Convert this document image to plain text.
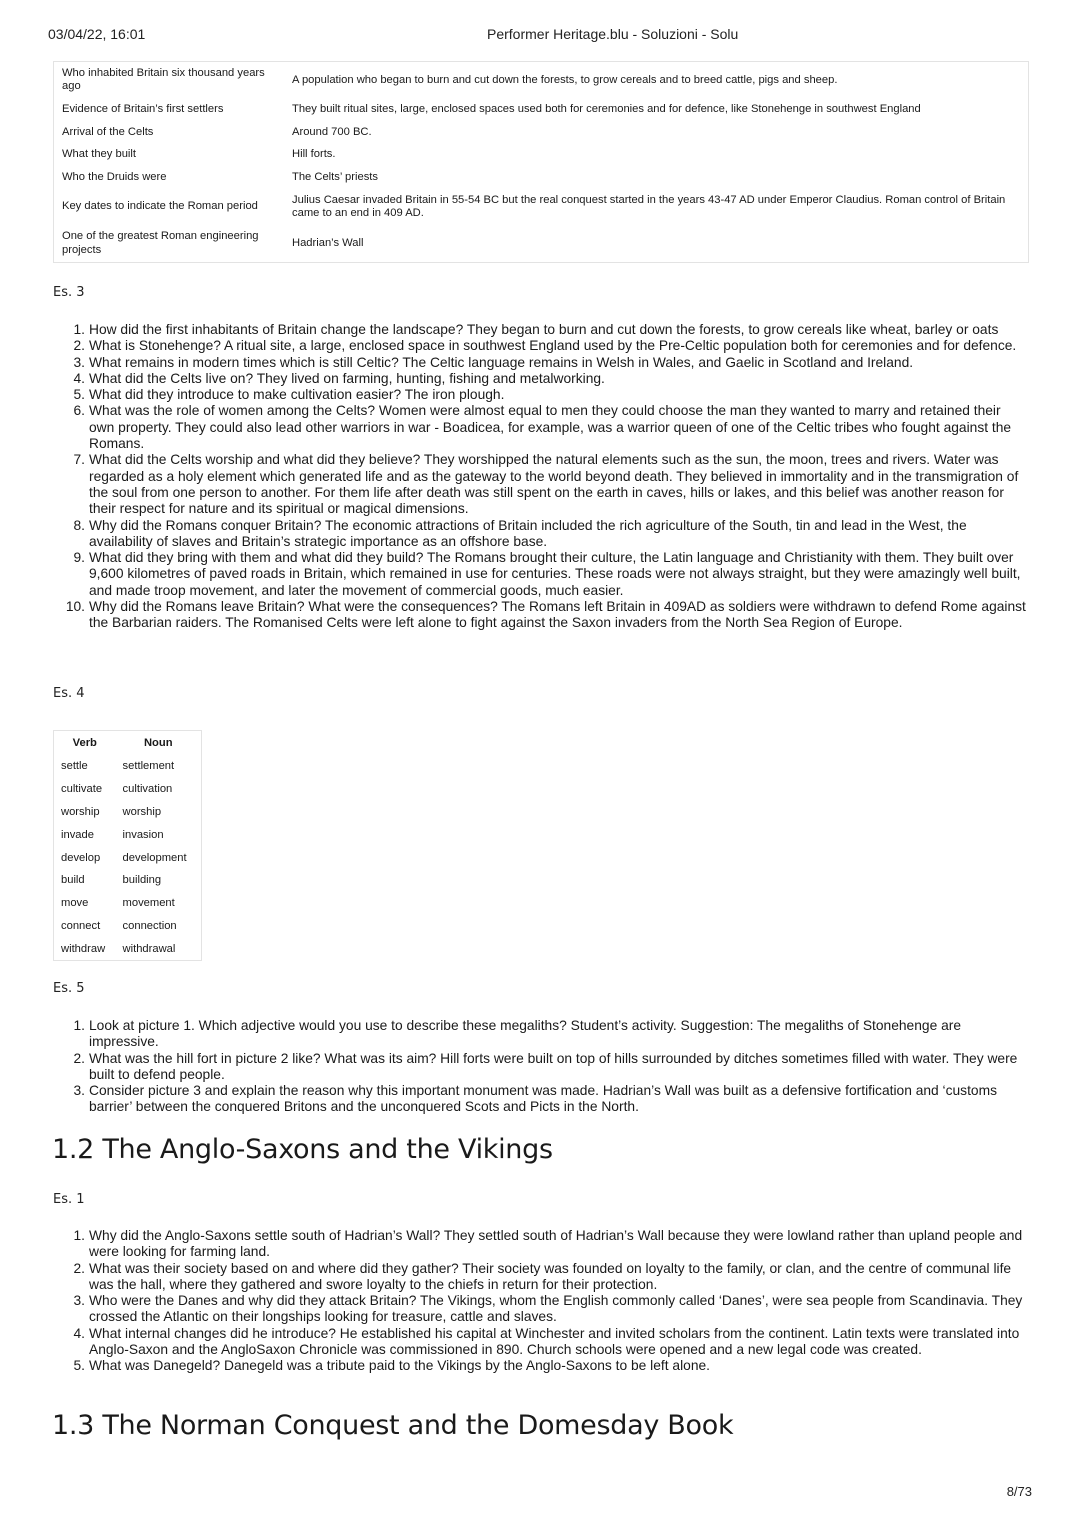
03/04/22, 16:01	Performer Heritage.blu - Soluzioni - Solu
Who inhabited Britain six thousand years ago	A population who began to burn and cut down the forests, to grow cereals and to breed cattle, pigs and sheep.
Evidence of Britain’s first settlers	They built ritual sites, large, enclosed spaces used both for ceremonies and for defence, like Stonehenge in southwest England
Arrival of the Celts	Around 700 BC.
What they built	Hill forts.
Who the Druids were	The Celts’ priests
Key dates to indicate the Roman period	Julius Caesar invaded Britain in 55-54 BC but the real conquest started in the years 43-47 AD under Emperor Claudius. Roman control of Britain came to an end in 409 AD.
One of the greatest Roman engineering projects	Hadrian’s Wall
Es. 3
1. How did the first inhabitants of Britain change the landscape? They began to burn and cut down the forests, to grow cereals like wheat, barley or oats
2. What is Stonehenge? A ritual site, a large, enclosed space in southwest England used by the Pre-Celtic population both for ceremonies and for defence.
3. What remains in modern times which is still Celtic? The Celtic language remains in Welsh in Wales, and Gaelic in Scotland and Ireland.
4. What did the Celts live on? They lived on farming, hunting, fishing and metalworking.
5. What did they introduce to make cultivation easier? The iron plough.
6. What was the role of women among the Celts? Women were almost equal to men they could choose the man they wanted to marry and retained their own property. They could also lead other warriors in war - Boadicea, for example, was a warrior queen of one of the Celtic tribes who fought against the Romans.
7. What did the Celts worship and what did they believe? They worshipped the natural elements such as the sun, the moon, trees and rivers. Water was regarded as a holy element which generated life and as the gateway to the world beyond death. They believed in immortality and in the transmigration of the soul from one person to another. For them life after death was still spent on the earth in caves, hills or lakes, and this belief was another reason for their respect for nature and its spiritual or magical dimensions.
8. Why did the Romans conquer Britain? The economic attractions of Britain included the rich agriculture of the South, tin and lead in the West, the availability of slaves and Britain’s strategic importance as an offshore base.
9. What did they bring with them and what did they build? The Romans brought their culture, the Latin language and Christianity with them. They built over 9,600 kilometres of paved roads in Britain, which remained in use for centuries. These roads were not always straight, but they were amazingly well built, and made troop movement, and later the movement of commercial goods, much easier.
10. Why did the Romans leave Britain? What were the consequences? The Romans left Britain in 409AD as soldiers were withdrawn to defend Rome against the Barbarian raiders. The Romanised Celts were left alone to fight against the Saxon invaders from the North Sea Region of Europe.
Es. 4
Verb	Noun
settle	settlement
cultivate	cultivation
worship	worship
invade	invasion
develop	development
build	building
move	movement
connect	connection
withdraw	withdrawal
Es. 5
1. Look at picture 1. Which adjective would you use to describe these megaliths? Student’s activity. Suggestion: The megaliths of Stonehenge are impressive.
2. What was the hill fort in picture 2 like? What was its aim? Hill forts were built on top of hills surrounded by ditches sometimes filled with water. They were built to defend people.
3. Consider picture 3 and explain the reason why this important monument was made. Hadrian’s Wall was built as a defensive fortification and ‘customs barrier’ between the conquered Britons and the unconquered Scots and Picts in the North.
1.2 The Anglo-Saxons and the Vikings
Es. 1
1. Why did the Anglo-Saxons settle south of Hadrian’s Wall? They settled south of Hadrian’s Wall because they were lowland rather than upland people and were looking for farming land.
2. What was their society based on and where did they gather? Their society was founded on loyalty to the family, or clan, and the centre of communal life was the hall, where they gathered and swore loyalty to the chiefs in return for their protection.
3. Who were the Danes and why did they attack Britain? The Vikings, whom the English commonly called ‘Danes’, were sea people from Scandinavia. They crossed the Atlantic on their longships looking for treasure, cattle and slaves.
4. What internal changes did he introduce? He established his capital at Winchester and invited scholars from the continent. Latin texts were translated into Anglo-Saxon and the AngloSaxon Chronicle was commissioned in 890. Church schools were opened and a new legal code was created.
5. What was Danegeld? Danegeld was a tribute paid to the Vikings by the Anglo-Saxons to be left alone.
1.3 The Norman Conquest and the Domesday Book
8/73
